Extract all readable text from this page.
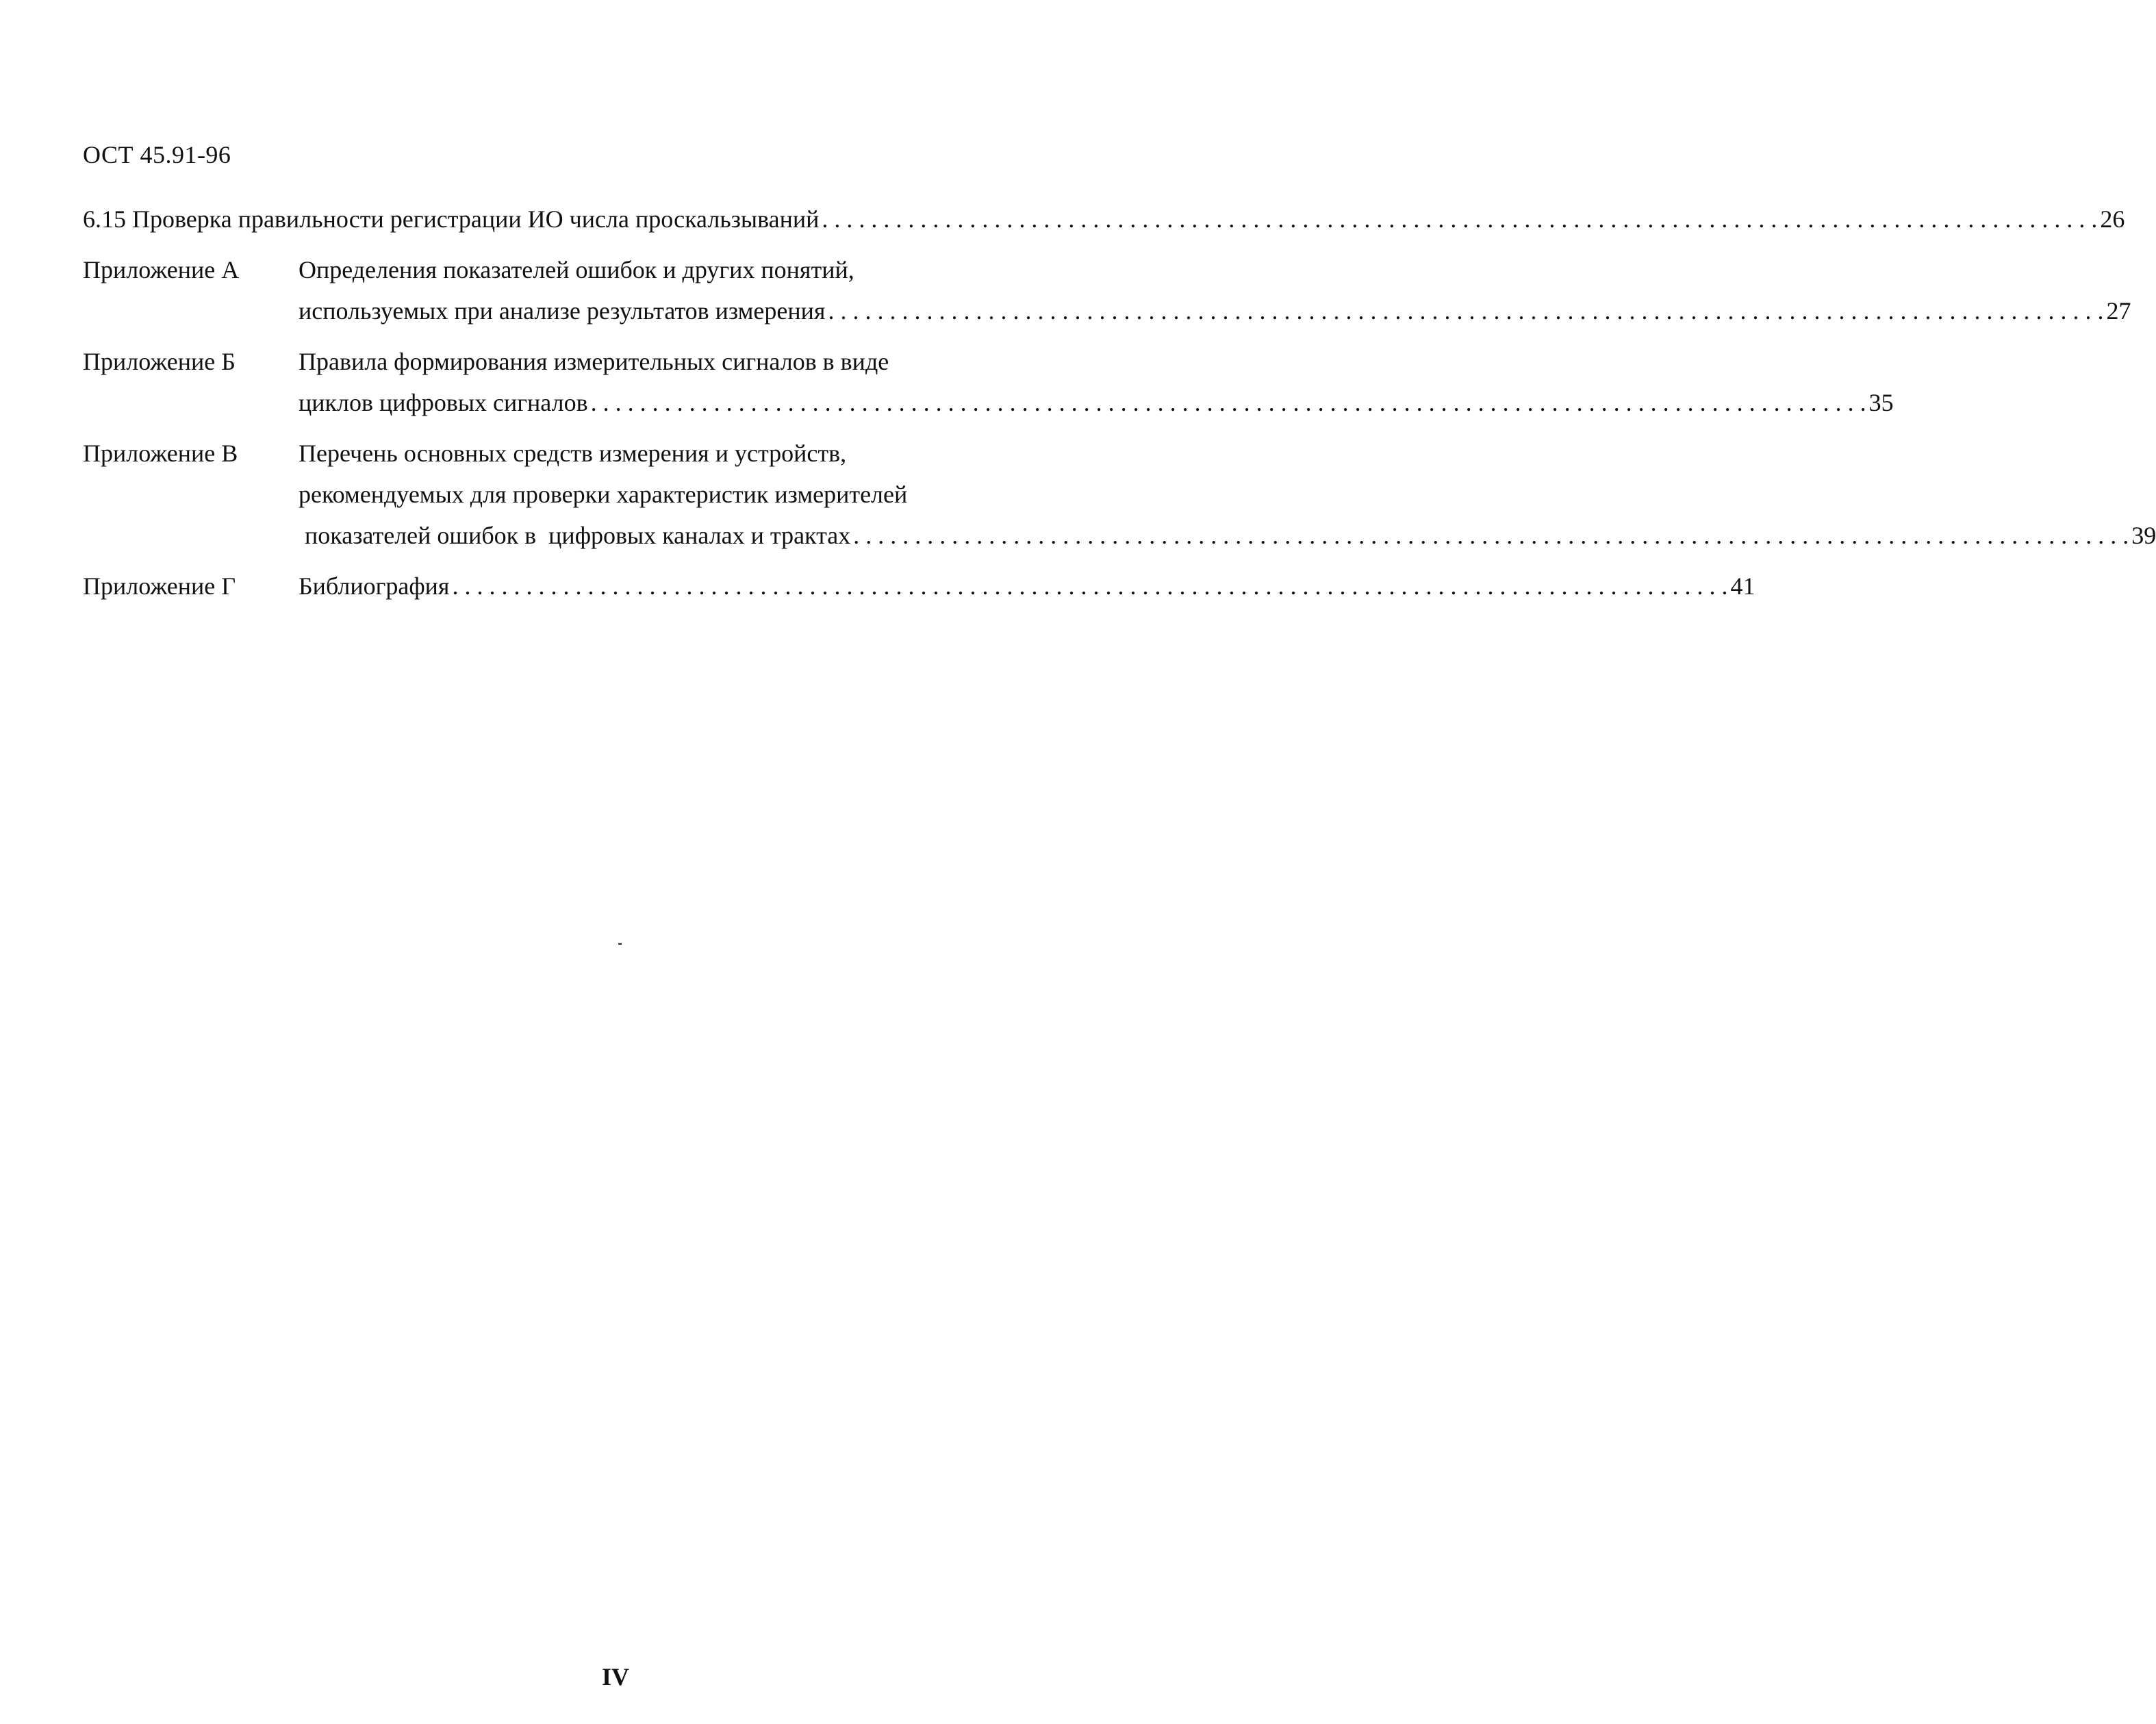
ОСТ 45.91-96
6.15 Проверка правильности регистрации ИО числа проскальзываний . . .	26
Приложение А	Определения показателей ошибок и других понятий,
используемых при анализе результатов измерения . . .	27
Приложение Б	Правила формирования измерительных сигналов в виде
циклов цифровых сигналов . . .	35
Приложение В	Перечень основных средств измерения и устройств,
рекомендуемых для проверки характеристик измерителей
показателей ошибок в  цифровых каналах и трактах . . .	39
Приложение Г	Библиография . . .	41
IV
